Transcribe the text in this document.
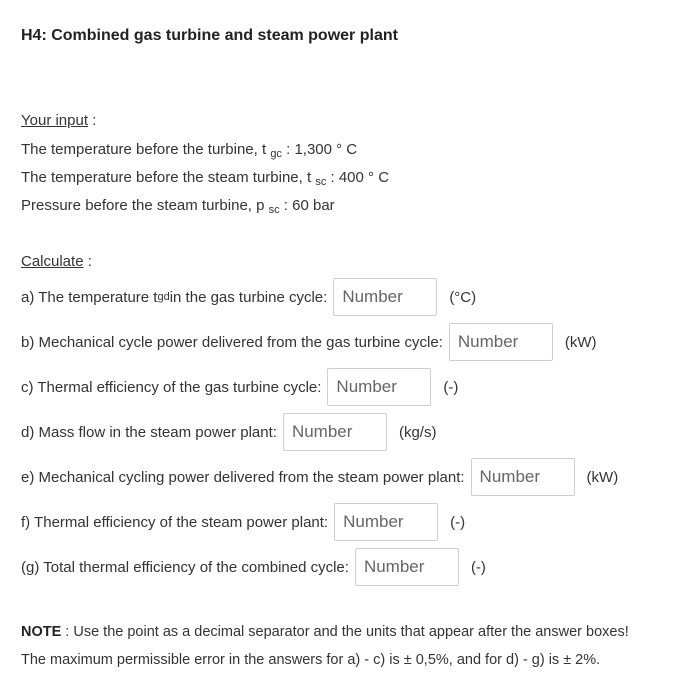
H4: Combined gas turbine and steam power plant
Your input :
The temperature before the turbine, t $_{gc}$ : 1,300 ° C
The temperature before the steam turbine, t $_{sc}$ : 400 ° C
Pressure before the steam turbine, p $_{sc}$ : 60 bar
Calculate :
a) The temperature t gd in the gas turbine cycle: Number	(°C)
b) Mechanical cycle power delivered from the gas turbine cycle: Number	(kW)
c) Thermal efficiency of the gas turbine cycle: Number	(-)
d) Mass flow in the steam power plant: Number	(kg/s)
e) Mechanical cycling power delivered from the steam power plant: Number	(kW)
f) Thermal efficiency of the steam power plant: Number	(-)
(g) Total thermal efficiency of the combined cycle: Number	(-)
NOTE : Use the point as a decimal separator and the units that appear after the answer boxes!
The maximum permissible error in the answers for a) - c) is ± 0,5%, and for d) - g) is ± 2%.
